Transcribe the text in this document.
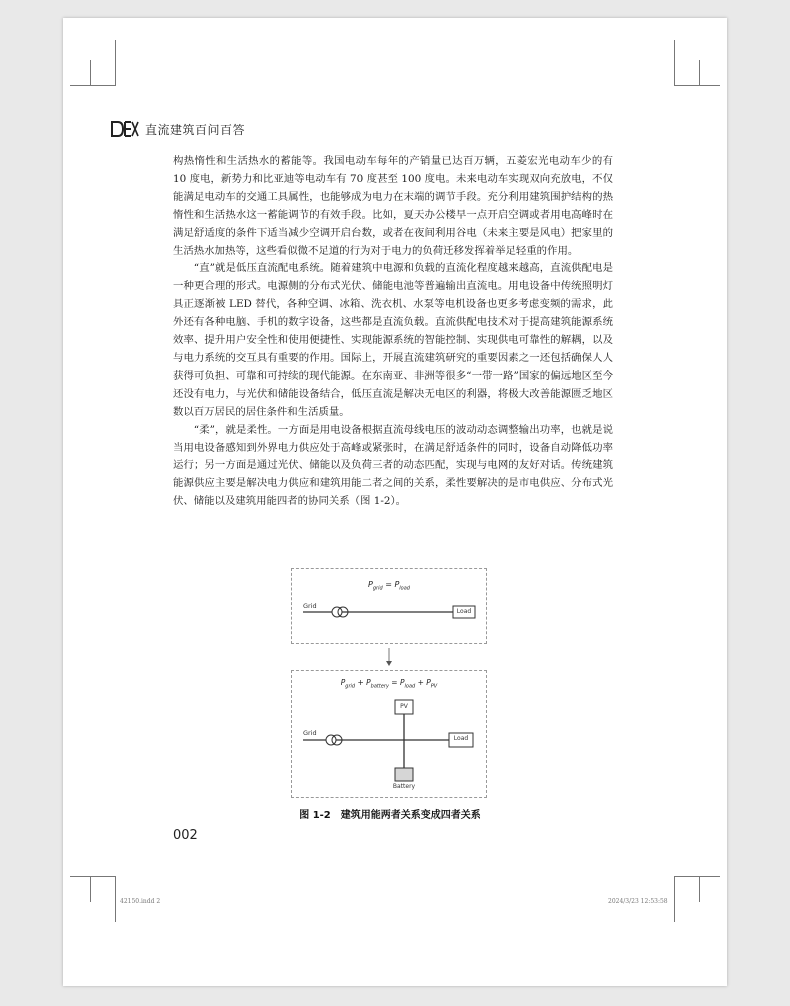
直流建筑百问百答

构热惰性和生活热水的蓄能等。我国电动车每年的产销量已达百万辆，五菱宏光电动车少的有 10 度电，新势力和比亚迪等电动车有 70 度甚至 100 度电。未来电动车实现双向充放电，不仅能满足电动车的交通工具属性，也能够成为电力在末端的调节手段。充分利用建筑围护结构的热惰性和生活热水这一蓄能调节的有效手段。比如，夏天办公楼早一点开启空调或者用电高峰时在满足舒适度的条件下适当减少空调开启台数，或者在夜间利用谷电（未来主要是风电）把家里的生活热水加热等，这些看似微不足道的行为对于电力的负荷迁移发挥着举足轻重的作用。

“直”就是低压直流配电系统。随着建筑中电源和负载的直流化程度越来越高，直流供配电是一种更合理的形式。电源侧的分布式光伏、储能电池等普遍输出直流电。用电设备中传统照明灯具正逐渐被 LED 替代，各种空调、冰箱、洗衣机、水泵等电机设备也更多考虑变频的需求，此外还有各种电脑、手机的数字设备，这些都是直流负载。直流供配电技术对于提高建筑能源系统效率、提升用户安全性和使用便捷性、实现能源系统的智能控制、实现供电可靠性的解耦，以及与电力系统的交互具有重要的作用。国际上，开展直流建筑研究的重要因素之一还包括确保人人获得可负担、可靠和可持续的现代能源。在东南亚、非洲等很多“一带一路”国家的偏远地区至今还没有电力，与光伏和储能设备结合，低压直流是解决无电区的利器，将极大改善能源匮乏地区数以百万居民的居住条件和生活质量。

“柔”，就是柔性。一方面是用电设备根据直流母线电压的波动动态调整输出功率，也就是说当用电设备感知到外界电力供应处于高峰或紧张时，在满足舒适条件的同时，设备自动降低功率运行；另一方面是通过光伏、储能以及负荷三者的动态匹配，实现与电网的友好对话。传统建筑能源供应主要是解决电力供应和建筑用能二者之间的关系，柔性要解决的是市电供应、分布式光伏、储能以及建筑用能四者的协同关系（图 1-2）。

$P_{grid} = P_{load}$
Grid
Load
$P_{grid} + P_{battery} = P_{load} + P_{PV}$
Grid
PV
Load
Battery
图 1-2　建筑用能两者关系变成四者关系
002
42150.indd 2	2024/3/23 12:53:58
